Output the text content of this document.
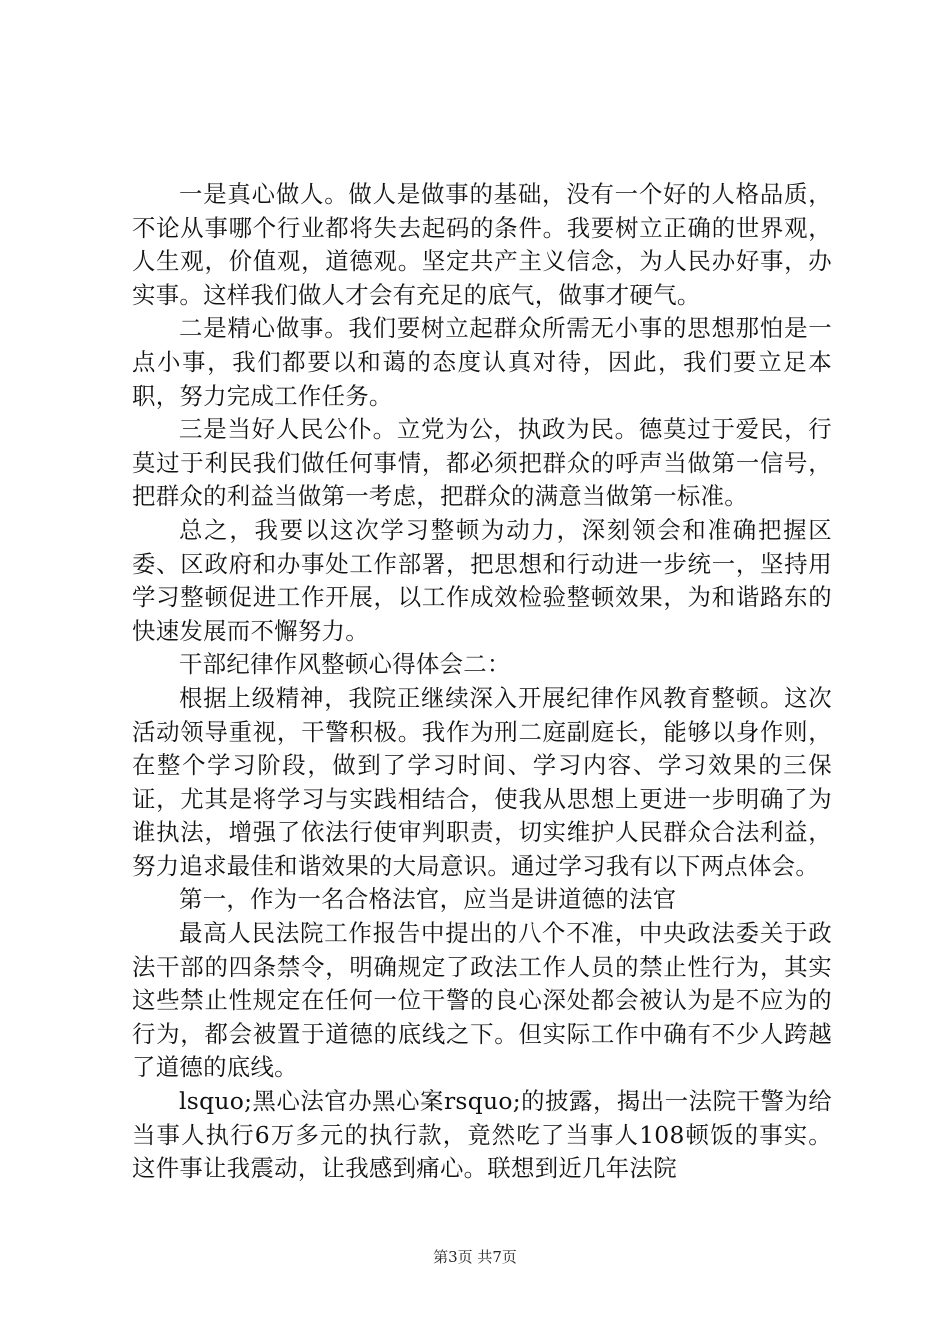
一是真心做人。做人是做事的基础，没有一个好的人格品质，不论从事哪个行业都将失去起码的条件。我要树立正确的世界观，人生观，价值观，道德观。坚定共产主义信念，为人民办好事，办实事。这样我们做人才会有充足的底气，做事才硬气。

二是精心做事。我们要树立起群众所需无小事的思想那怕是一点小事，我们都要以和蔼的态度认真对待，因此，我们要立足本职，努力完成工作任务。

三是当好人民公仆。立党为公，执政为民。德莫过于爱民，行莫过于利民我们做任何事情，都必须把群众的呼声当做第一信号，把群众的利益当做第一考虑，把群众的满意当做第一标准。

总之，我要以这次学习整顿为动力，深刻领会和准确把握区委、区政府和办事处工作部署，把思想和行动进一步统一，坚持用学习整顿促进工作开展，以工作成效检验整顿效果，为和谐路东的快速发展而不懈努力。

干部纪律作风整顿心得体会二：

根据上级精神，我院正继续深入开展纪律作风教育整顿。这次活动领导重视，干警积极。我作为刑二庭副庭长，能够以身作则，在整个学习阶段，做到了学习时间、学习内容、学习效果的三保证，尤其是将学习与实践相结合，使我从思想上更进一步明确了为谁执法，增强了依法行使审判职责，切实维护人民群众合法利益，努力追求最佳和谐效果的大局意识。通过学习我有以下两点体会。

第一，作为一名合格法官，应当是讲道德的法官

最高人民法院工作报告中提出的八个不准，中央政法委关于政法干部的四条禁令，明确规定了政法工作人员的禁止性行为，其实这些禁止性规定在任何一位干警的良心深处都会被认为是不应为的行为，都会被置于道德的底线之下。但实际工作中确有不少人跨越了道德的底线。

lsquo;黑心法官办黑心案rsquo;的披露，揭出一法院干警为给当事人执行6万多元的执行款，竟然吃了当事人108顿饭的事实。这件事让我震动，让我感到痛心。联想到近几年法院

第3页 共7页
